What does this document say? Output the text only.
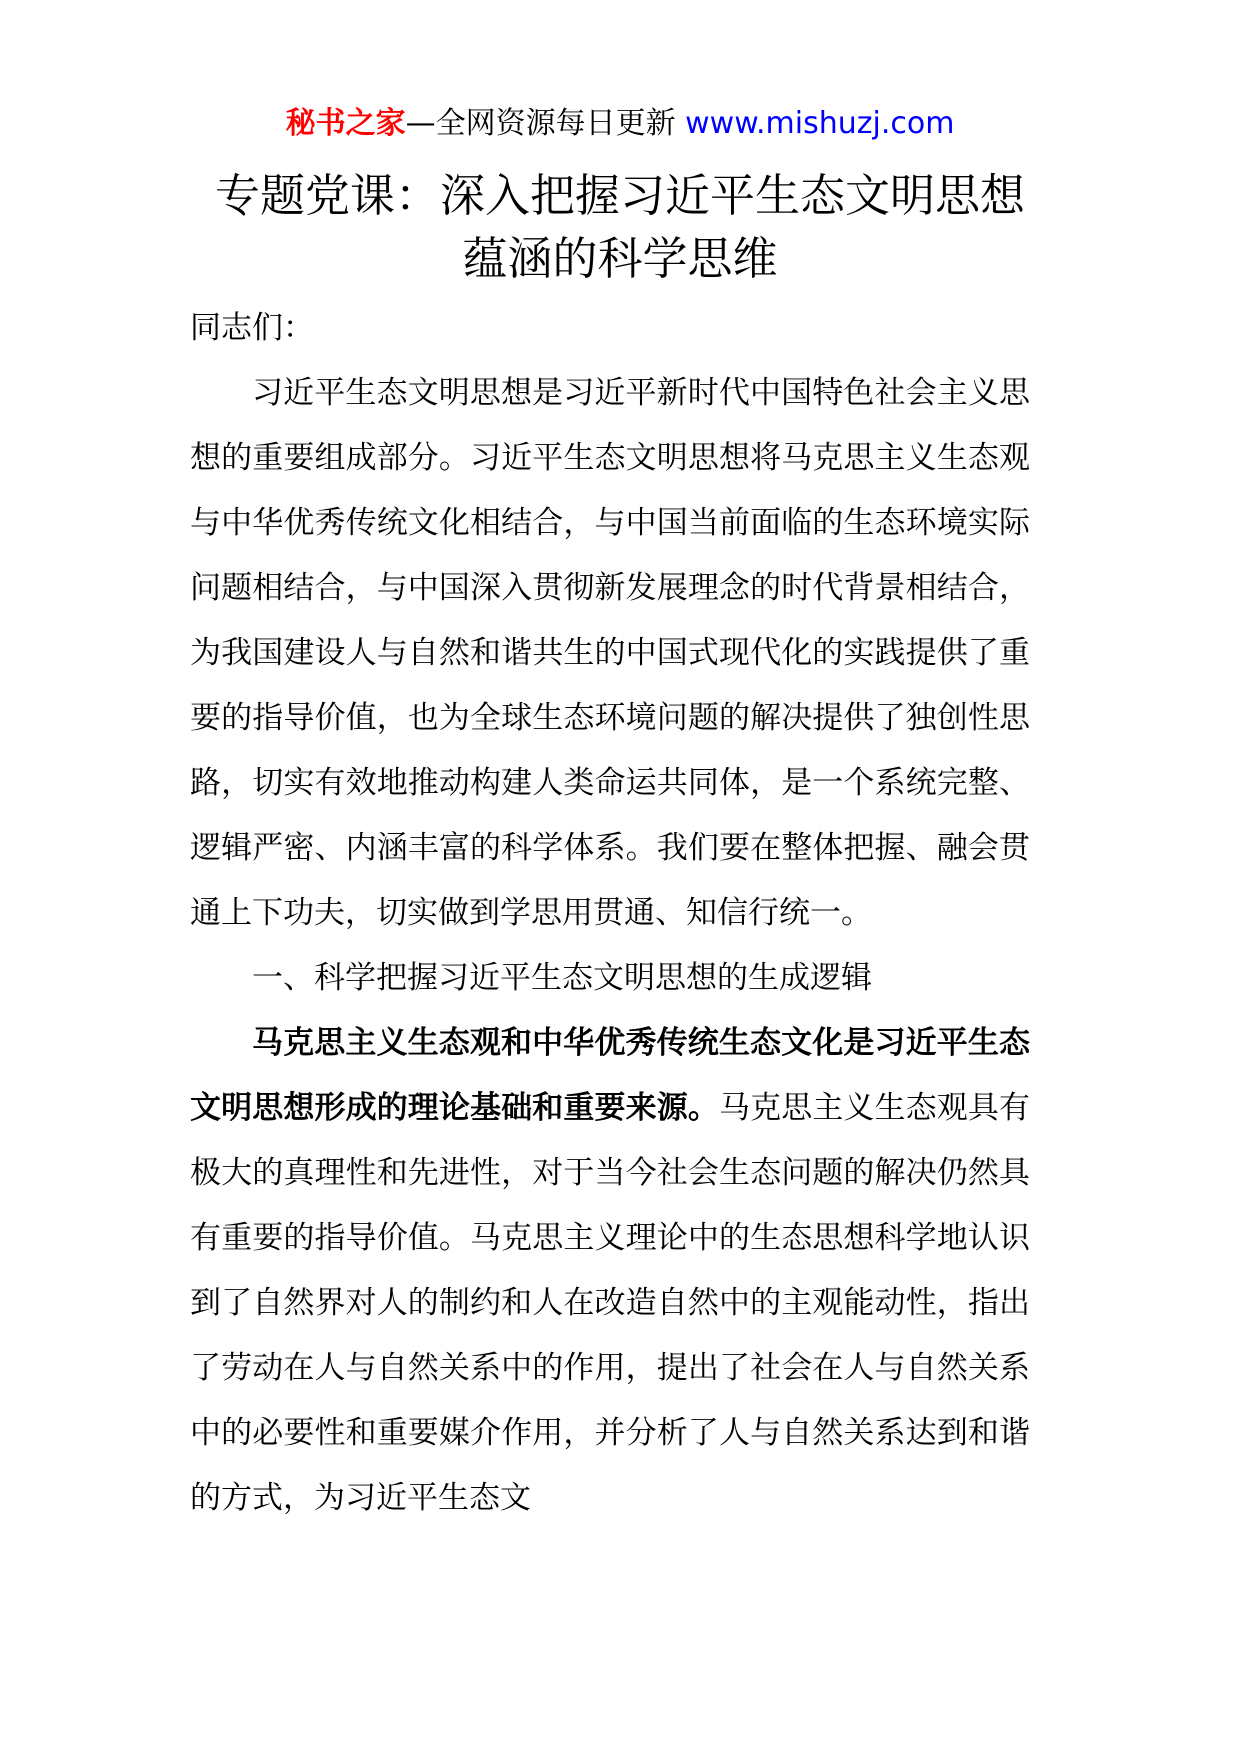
秘书之家—全网资源每日更新 www.mishuzj.com
专题党课：深入把握习近平生态文明思想
蕴涵的科学思维

同志们：

习近平生态文明思想是习近平新时代中国特色社会主义思想的重要组成部分。习近平生态文明思想将马克思主义生态观与中华优秀传统文化相结合，与中国当前面临的生态环境实际问题相结合，与中国深入贯彻新发展理念的时代背景相结合，为我国建设人与自然和谐共生的中国式现代化的实践提供了重要的指导价值，也为全球生态环境问题的解决提供了独创性思路，切实有效地推动构建人类命运共同体，是一个系统完整、逻辑严密、内涵丰富的科学体系。我们要在整体把握、融会贯通上下功夫，切实做到学思用贯通、知信行统一。

一、科学把握习近平生态文明思想的生成逻辑

马克思主义生态观和中华优秀传统生态文化是习近平生态文明思想形成的理论基础和重要来源。马克思主义生态观具有极大的真理性和先进性，对于当今社会生态问题的解决仍然具有重要的指导价值。马克思主义理论中的生态思想科学地认识到了自然界对人的制约和人在改造自然中的主观能动性，指出了劳动在人与自然关系中的作用，提出了社会在人与自然关系中的必要性和重要媒介作用，并分析了人与自然关系达到和谐的方式，为习近平生态文
